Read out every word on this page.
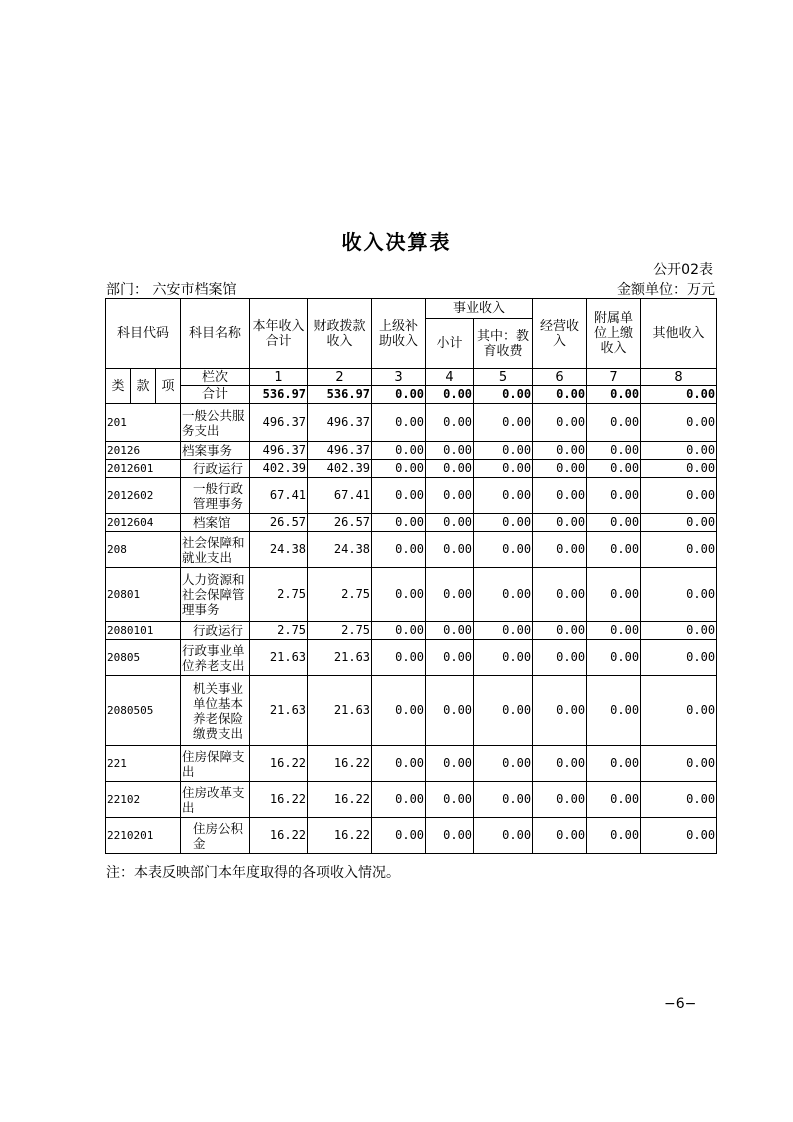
收入决算表
公开02表
部门： 六安市档案馆	金额单位：万元
科目代码			科目名称	本年收入合计	财政拨款收入	上级补助收入	事业收入		经营收入	附属单位上缴收入	其他收入
							小计	其中：教育收费			

类	款	项	栏次	1	2	3	4	5	6	7	8
			合计	536.97	536.97	0.00	0.00	0.00	0.00	0.00	0.00
201			一般公共服务支出	496.37	496.37	0.00	0.00	0.00	0.00	0.00	0.00
20126			档案事务	496.37	496.37	0.00	0.00	0.00	0.00	0.00	0.00
2012601			行政运行	402.39	402.39	0.00	0.00	0.00	0.00	0.00	0.00
2012602			一般行政管理事务	67.41	67.41	0.00	0.00	0.00	0.00	0.00	0.00
2012604			档案馆	26.57	26.57	0.00	0.00	0.00	0.00	0.00	0.00
208			社会保障和就业支出	24.38	24.38	0.00	0.00	0.00	0.00	0.00	0.00
20801			人力资源和社会保障管理事务	2.75	2.75	0.00	0.00	0.00	0.00	0.00	0.00
2080101			行政运行	2.75	2.75	0.00	0.00	0.00	0.00	0.00	0.00
20805			行政事业单位养老支出	21.63	21.63	0.00	0.00	0.00	0.00	0.00	0.00
2080505			机关事业单位基本养老保险缴费支出	21.63	21.63	0.00	0.00	0.00	0.00	0.00	0.00
221			住房保障支出	16.22	16.22	0.00	0.00	0.00	0.00	0.00	0.00
22102			住房改革支出	16.22	16.22	0.00	0.00	0.00	0.00	0.00	0.00
2210201			住房公积金	16.22	16.22	0.00	0.00	0.00	0.00	0.00	0.00
注：本表反映部门本年度取得的各项收入情况。
−6−
